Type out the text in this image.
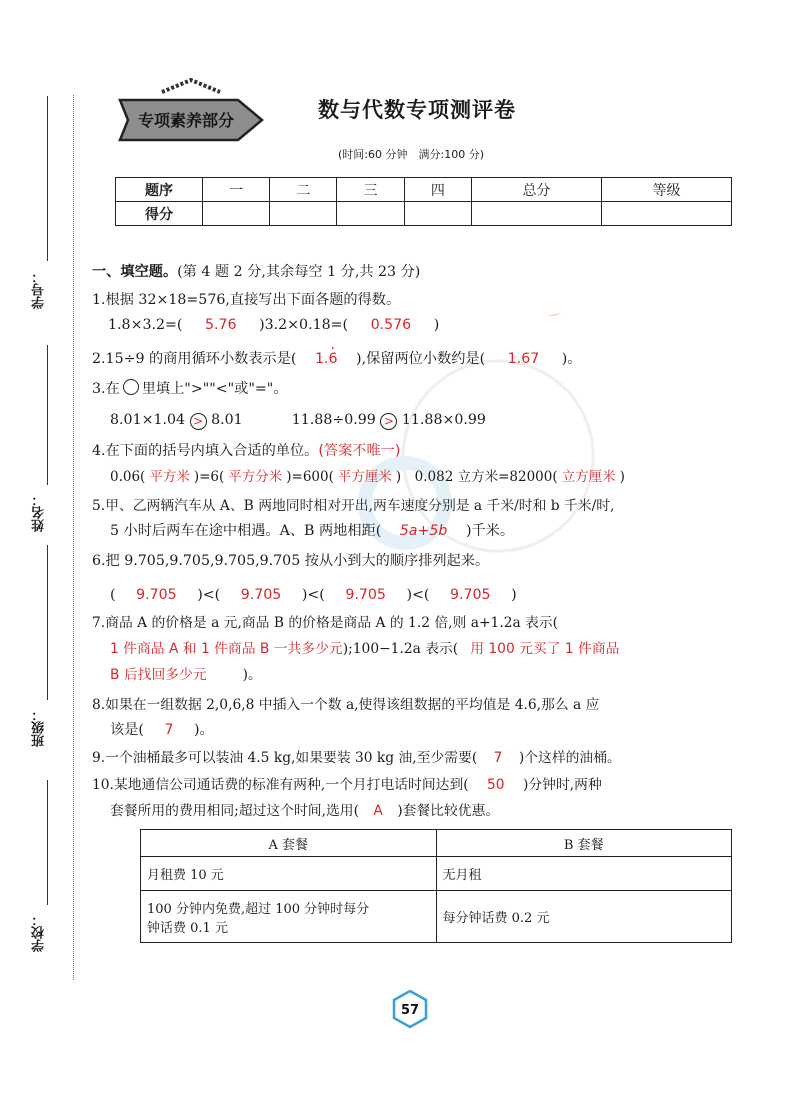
学号：
姓名：
班级：
学校：
专项素养部分	数与代数专项测评卷
(时间:60 分钟　满分:100 分)
题序	一	二	三	四	总分	等级
得分						
一、填空题。(第 4 题 2 分,其余每空 1 分,共 23 分)
1.根据 32×18=576,直接写出下面各题的得数。
1.8×3.2=( 5.76 )3.2×0.18=( 0.576 )
2.15÷9 的商用循环小数表示是( 1.· 6 ),保留两位小数约是( 1.67 )。
3.在 里填上">""<"或"="。
8.01×1.04 > 8.01	11.88÷0.99 > 11.88×0.99
4.在下面的括号内填入合适的单位。(答案不唯一)
0.06( 平方米 )=6( 平方分米 )=600( 平方厘米 )　0.082 立方米=82000( 立方厘米 )
5.甲、乙两辆汽车从 A、B 两地同时相对开出,两车速度分别是 a 千米/时和 b 千米/时,
5 小时后两车在途中相遇。A、B 两地相距( 5a+5b )千米。
6.把 9.705,9.705,9.705,9.705 按从小到大的顺序排列起来。
( 9.705 )<( 9.705 )<( 9.705 )<( 9.705 )
7.商品 A 的价格是 a 元,商品 B 的价格是商品 A 的 1.2 倍,则 a+1.2a 表示(
1 件商品 A 和 1 件商品 B 一共多少元);100−1.2a 表示( 用 100 元买了 1 件商品
B 后找回多少元	)。
8.如果在一组数据 2,0,6,8 中插入一个数 a,使得该组数据的平均值是 4.6,那么 a 应
该是( 7 )。
9.一个油桶最多可以装油 4.5 kg,如果要装 30 kg 油,至少需要( 7 )个这样的油桶。
10.某地通信公司通话费的标准有两种,一个月打电话时间达到( 50 )分钟时,两种
套餐所用的费用相同;超过这个时间,选用( A )套餐比较优惠。
A 套餐	B 套餐
月租费 10 元	无月租

100 分钟内免费,超过 100 分钟时每分
钟话费 0.1 元	每分钟话费 0.2 元
57
